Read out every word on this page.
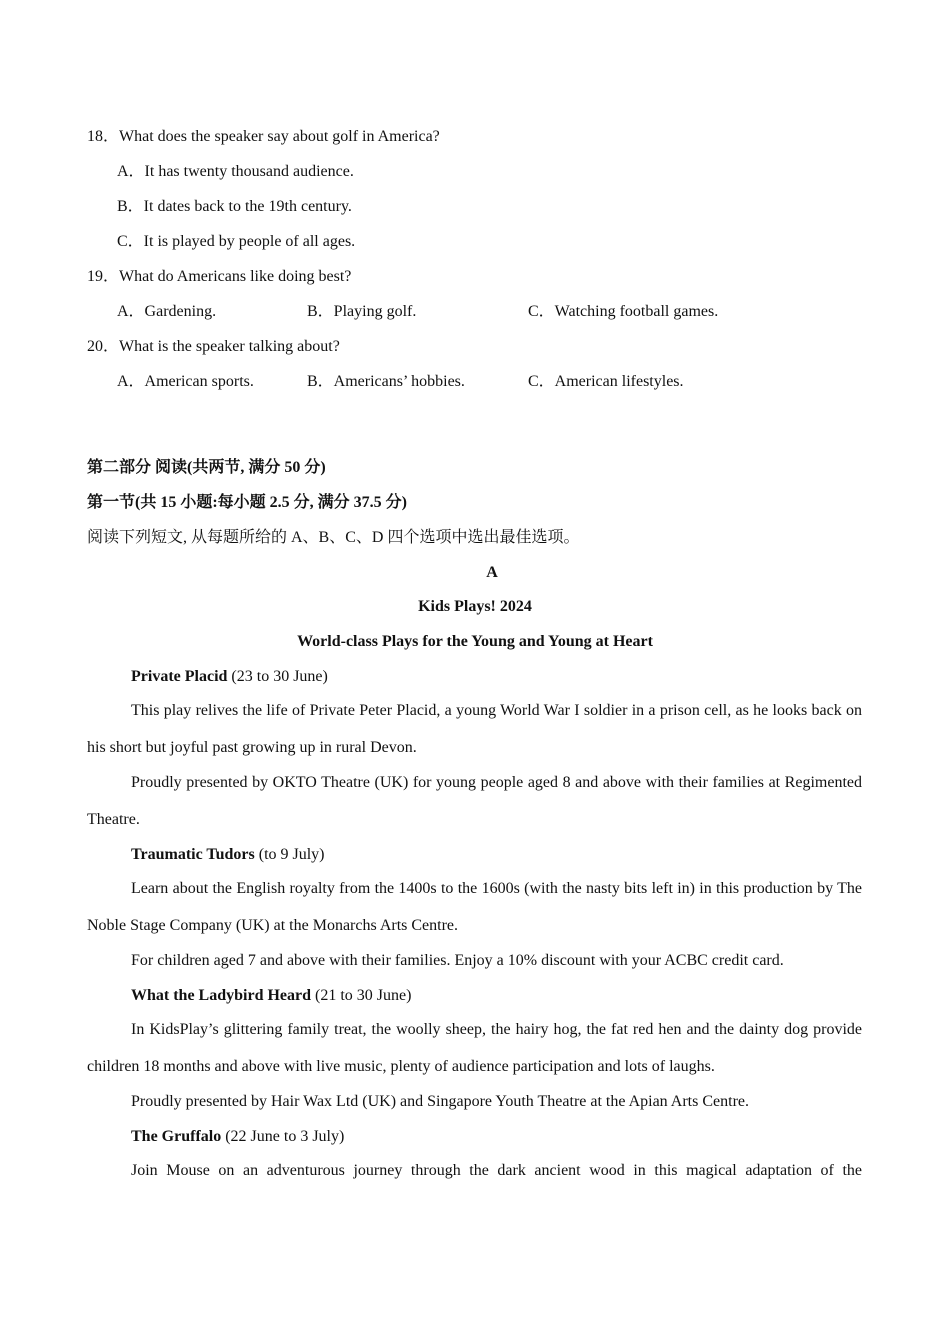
18．What does the speaker say about golf in America?
A．It has twenty thousand audience.
B．It dates back to the 19th century.
C．It is played by people of all ages.
19．What do Americans like doing best?
A．Gardening.	B．Playing golf.	C．Watching football games.
20．What is the speaker talking about?
A．American sports.	B．Americans’ hobbies.	C．American lifestyles.
第二部分 阅读(共两节, 满分 50 分)
第一节(共 15 小题:每小题 2.5 分, 满分 37.5 分)
阅读下列短文, 从每题所给的 A、B、C、D 四个选项中选出最佳选项。
A
Kids Plays! 2024
World-class Plays for the Young and Young at Heart
Private Placid (23 to 30 June)
This play relives the life of Private Peter Placid, a young World War I soldier in a prison cell, as he looks back on his short but joyful past growing up in rural Devon.
Proudly presented by OKTO Theatre (UK) for young people aged 8 and above with their families at Regimented Theatre.
Traumatic Tudors (to 9 July)
Learn about the English royalty from the 1400s to the 1600s (with the nasty bits left in) in this production by The Noble Stage Company (UK) at the Monarchs Arts Centre.
For children aged 7 and above with their families. Enjoy a 10% discount with your ACBC credit card.
What the Ladybird Heard (21 to 30 June)
In KidsPlay’s glittering family treat, the woolly sheep, the hairy hog, the fat red hen and the dainty dog provide children 18 months and above with live music, plenty of audience participation and lots of laughs.
Proudly presented by Hair Wax Ltd (UK) and Singapore Youth Theatre at the Apian Arts Centre.
The Gruffalo (22 June to 3 July)
Join Mouse on an adventurous journey through the dark ancient wood in this magical adaptation of the
